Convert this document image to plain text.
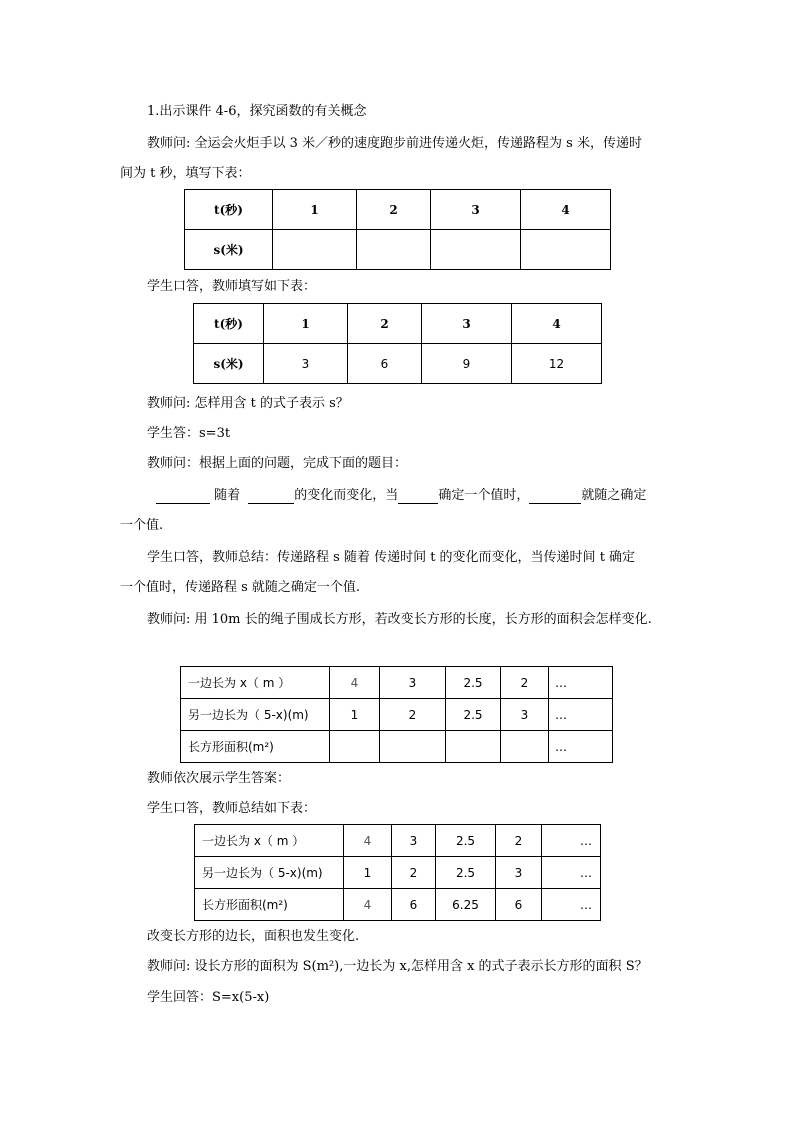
1.出示课件 4-6，探究函数的有关概念
教师问: 全运会火炬手以 3 米／秒的速度跑步前进传递火炬，传递路程为 s 米，传递时
间为 t 秒，填写下表：
t(秒)	1	2	3	4
s(米)				
学生口答，教师填写如下表：
t(秒)	1	2	3	4
s(米)	3	6	9	12
教师问: 怎样用含 t 的式子表示 s？
学生答：s=3t
教师问：根据上面的问题，完成下面的题目：
随着	的变化而变化，当	确定一个值时，	就随之确定
一个值.
学生口答，教师总结：传递路程 s 随着 传递时间 t 的变化而变化，当传递时间 t 确定
一个值时，传递路程 s 就随之确定一个值.
教师问: 用 10m 长的绳子围成长方形，若改变长方形的长度，长方形的面积会怎样变化.
一边长为 x（ m ）	4	3	2.5	2	…
另一边长为（ 5-x)(m)	1	2	2.5	3	…
长方形面积(m²)					…
教师依次展示学生答案：
学生口答，教师总结如下表：
一边长为 x（ m ）	4	3	2.5	2	…
另一边长为（ 5-x)(m)	1	2	2.5	3	…
长方形面积(m²)	4	6	6.25	6	…
改变长方形的边长，面积也发生变化.
教师问: 设长方形的面积为 S(m²),一边长为 x,怎样用含 x 的式子表示长方形的面积 S？
学生回答：S=x(5-x)
